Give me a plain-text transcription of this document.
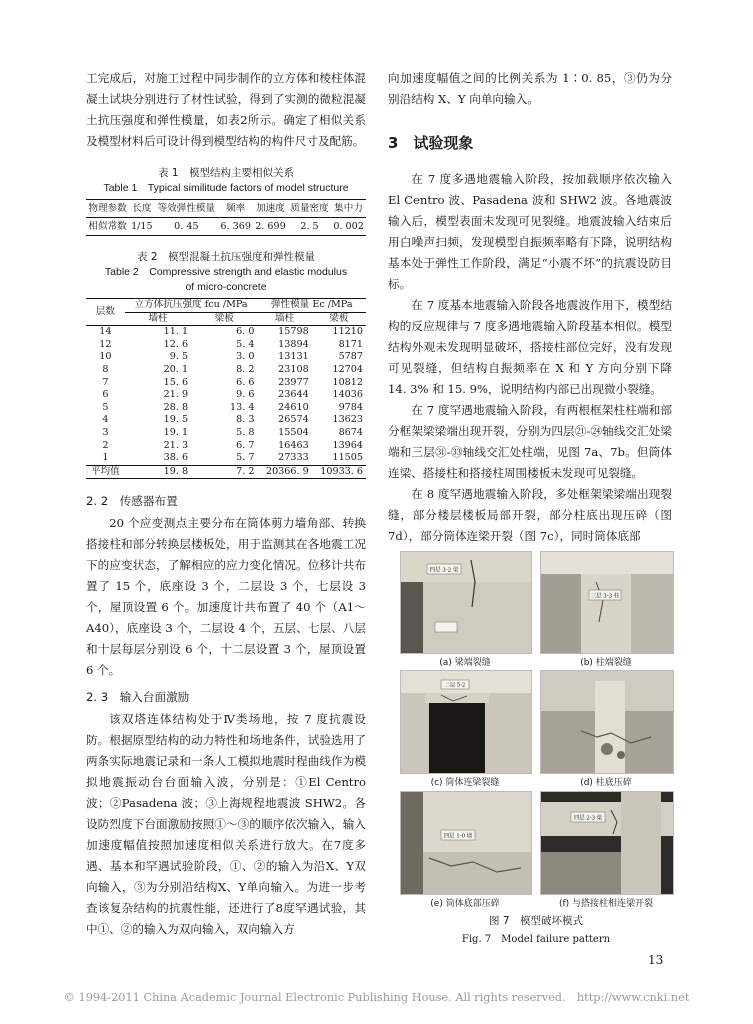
工完成后，对施工过程中同步制作的立方体和棱柱体混凝土试块分别进行了材性试验，得到了实测的微粒混凝土抗压强度和弹性模量，如表2所示。确定了相似关系及模型材料后可设计得到模型结构的构件尺寸及配筋。

表 1　模型结构主要相似关系
Table 1　Typical similitude factors of model structure
物理参数	长度	等效弹性模量	频率	加速度	质量密度	集中力
相似常数	1/15	0. 45	6. 369	2. 699	2. 5	0. 002
表 2　模型混凝土抗压强度和弹性模量
Table 2　Compressive strength and elastic modulus
of micro-concrete
层数	立方体抗压强度 fcu /MPa		弹性模量 Ec /MPa	
	墙柱	梁板	墙柱	梁板
14	11. 1	6. 0	15798	11210
12	12. 6	5. 4	13894	8171
10	9. 5	3. 0	13131	5787
8	20. 1	8. 2	23108	12704
7	15. 6	6. 6	23977	10812
6	21. 9	9. 6	23644	14036
5	28. 8	13. 4	24610	9784
4	19. 5	8. 3	26574	13623
3	19. 1	5. 8	15504	8674
2	21. 3	6. 7	16463	13964
1	38. 6	5. 7	27333	11505
平均值	19. 8	7. 2	20366. 9	10933. 6
2. 2　传感器布置

20 个应变测点主要分布在筒体剪力墙角部、转换搭接柱和部分转换层楼板处，用于监测其在各地震工况下的应变状态，了解相应的应力变化情况。位移计共布置了 15 个，底座设 3 个，二层设 3 个，七层设 3 个，屋顶设置 6 个。加速度计共布置了 40 个（A1～A40），底座设 3 个，二层设 4 个，五层、七层、八层和十层每层分别设 6 个，十二层设置 3 个，屋顶设置 6 个。

2. 3　输入台面激励

该双塔连体结构处于Ⅳ类场地，按 7 度抗震设防。根据原型结构的动力特性和场地条件，试验选用了两条实际地震记录和一条人工模拟地震时程曲线作为模拟地震振动台台面输入波，分别是：①El Centro 波；②Pasadena 波；③上海规程地震波 SHW2。各设防烈度下台面激励按照①～③的顺序依次输入，输入加速度幅值按照加速度相似关系进行放大。在7度多遇、基本和罕遇试验阶段，①、②的输入为沿X、Y双向输入，③为分别沿结构X、Y单向输入。为进一步考查该复杂结构的抗震性能，还进行了8度罕遇试验，其中①、②的输入为双向输入，双向输入方

向加速度幅值之间的比例关系为 1∶0. 85，③仍为分别沿结构 X、Y 向单向输入。

3　试验现象

在 7 度多遇地震输入阶段，按加载顺序依次输入 El Centro 波、Pasadena 波和 SHW2 波。各地震波输入后，模型表面未发现可见裂缝。地震波输入结束后用白噪声扫频，发现模型自振频率略有下降，说明结构基本处于弹性工作阶段，满足“小震不坏”的抗震设防目标。

在 7 度基本地震输入阶段各地震波作用下，模型结构的反应规律与 7 度多遇地震输入阶段基本相似。模型结构外观未发现明显破坏，搭接柱部位完好，没有发现可见裂缝，但结构自振频率在 X 和 Y 方向分别下降 14. 3% 和 15. 9%，说明结构内部已出现微小裂缝。

在 7 度罕遇地震输入阶段，有两根框架柱柱端和部分框架梁梁端出现开裂，分别为四层㉑-㉔轴线交汇处梁端和三层㉛-㉝轴线交汇处柱端，见图 7a、7b。但筒体连梁、搭接柱和搭接柱周围楼板未发现可见裂缝。

在 8 度罕遇地震输入阶段，多处框架梁梁端出现裂缝，部分楼层楼板局部开裂，部分柱底出现压碎（图 7d），部分筒体连梁开裂（图 7c），同时筒体底部

四层 3-2 梁
(a) 梁端裂缝
三层 3-3 柱
(b) 柱端裂缝
二层 5-2
(c) 筒体连梁裂缝	(d) 柱底压碎
四层 1-0 墙
(e) 筒体底部压碎
四层 2-3 梁
(f) 与搭接柱相连梁开裂
图 7　模型破坏模式
Fig. 7　Model failure pattern
13
© 1994-2011 China Academic Journal Electronic Publishing House. All rights reserved.　http://www.cnki.net
